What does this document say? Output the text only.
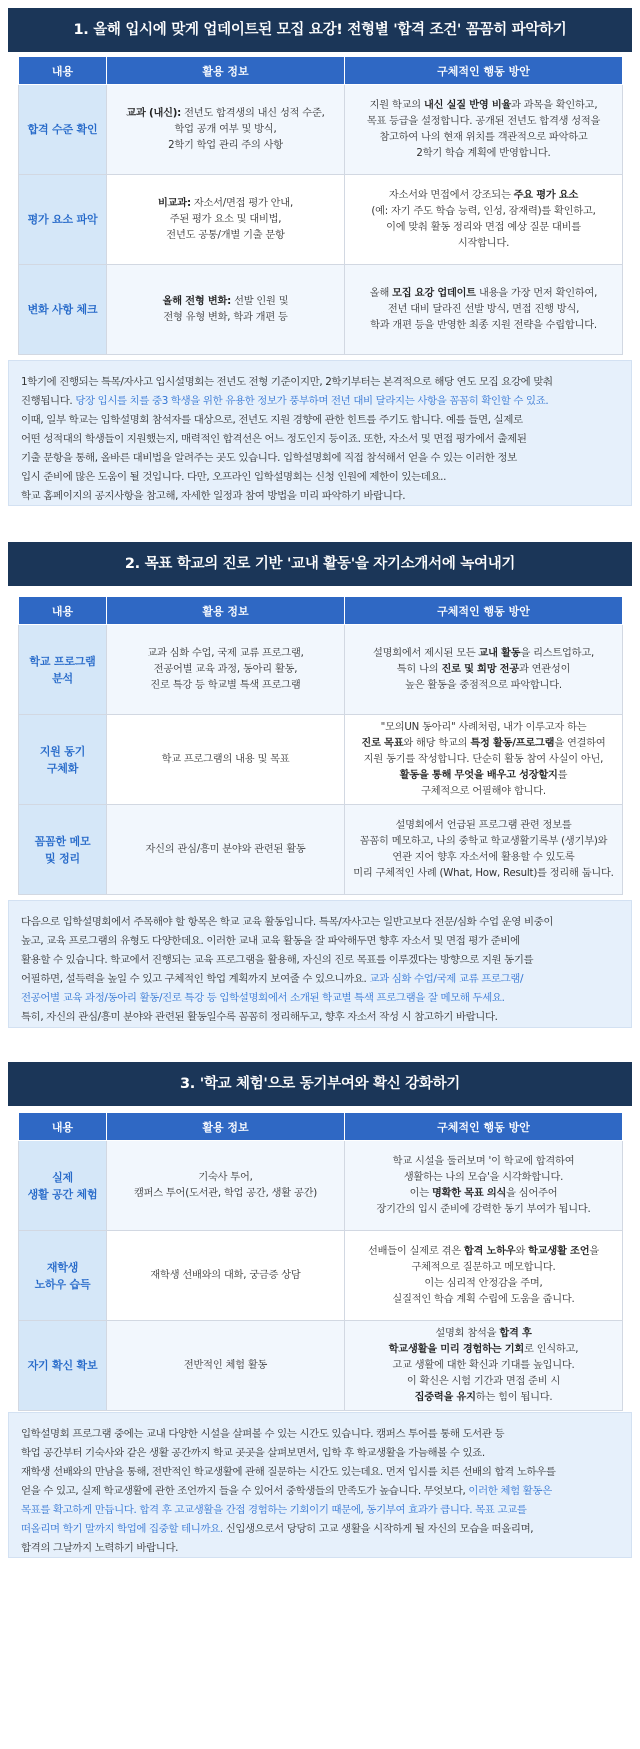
1. 올해 입시에 맞게 업데이트된 모집 요강! 전형별 '합격 조건' 꼼꼼히 파악하기
내용	활용 정보	구체적인 행동 방안

합격 수준 확인	교과 (내신): 전년도 합격생의 내신 성적 수준,
학업 공개 여부 및 방식,
2학기 학업 관리 주의 사항	지원 학교의 내신 실질 반영 비율과 과목을 확인하고,
목표 등급을 설정합니다. 공개된 전년도 합격생 성적을
참고하여 나의 현재 위치를 객관적으로 파악하고
2학기 학습 계획에 반영합니다.

평가 요소 파악	비교과: 자소서/면접 평가 안내,
주된 평가 요소 및 대비법,
전년도 공통/개별 기출 문항	자소서와 면접에서 강조되는 주요 평가 요소
(예: 자기 주도 학습 능력, 인성, 잠재력)를 확인하고,
이에 맞춰 활동 정리와 면접 예상 질문 대비를
시작합니다.

변화 사항 체크	올해 전형 변화: 선발 인원 및
전형 유형 변화, 학과 개편 등	올해 모집 요강 업데이트 내용을 가장 먼저 확인하여,
전년 대비 달라진 선발 방식, 면접 진행 방식,
학과 개편 등을 반영한 최종 지원 전략을 수립합니다.
1학기에 진행되는 특목/자사고 입시설명회는 전년도 전형 기준이지만, 2학기부터는 본격적으로 해당 연도 모집 요강에 맞춰
진행됩니다. 당장 입시를 치를 중3 학생을 위한 유용한 정보가 풍부하며 전년 대비 달라지는 사항을 꼼꼼히 확인할 수 있죠.
이때, 일부 학교는 입학설명회 참석자를 대상으로, 전년도 지원 경향에 관한 힌트를 주기도 합니다. 예를 들면, 실제로
어떤 성적대의 학생들이 지원했는지, 매력적인 합격선은 어느 정도인지 등이죠. 또한, 자소서 및 면접 평가에서 출제된
기출 문항을 통해, 올바른 대비법을 알려주는 곳도 있습니다. 입학설명회에 직접 참석해서 얻을 수 있는 이러한 정보
입시 준비에 많은 도움이 될 것입니다. 다만, 오프라인 입학설명회는 신청 인원에 제한이 있는데요..
학교 홈페이지의 공지사항을 참고해, 자세한 일정과 참여 방법을 미리 파악하기 바랍니다.
2. 목표 학교의 진로 기반 '교내 활동'을 자기소개서에 녹여내기
내용	활용 정보	구체적인 행동 방안

학교 프로그램
분석	교과 심화 수업, 국제 교류 프로그램,
전공어별 교육 과정, 동아리 활동,
진로 특강 등 학교별 특색 프로그램	설명회에서 제시된 모든 교내 활동을 리스트업하고,
특히 나의 진로 및 희망 전공과 연관성이
높은 활동을 중점적으로 파악합니다.

지원 동기
구체화	학교 프로그램의 내용 및 목표	"모의UN 동아리" 사례처럼, 내가 이루고자 하는
진로 목표와 해당 학교의 특정 활동/프로그램을 연결하여
지원 동기를 작성합니다. 단순히 활동 참여 사실이 아닌,
활동을 통해 무엇을 배우고 성장할지를
구체적으로 어필해야 합니다.

꼼꼼한 메모
및 정리	자신의 관심/흥미 분야와 관련된 활동	설명회에서 언급된 프로그램 관련 정보를
꼼꼼히 메모하고, 나의 중학교 학교생활기록부 (생기부)와
연관 지어 향후 자소서에 활용할 수 있도록
미리 구체적인 사례 (What, How, Result)를 정리해 둡니다.
다음으로 입학설명회에서 주목해야 할 항목은 학교 교육 활동입니다. 특목/자사고는 일반고보다 전문/심화 수업 운영 비중이
높고, 교육 프로그램의 유형도 다양한데요. 이러한 교내 교육 활동을 잘 파악해두면 향후 자소서 및 면접 평가 준비에
활용할 수 있습니다. 학교에서 진행되는 교육 프로그램을 활용해, 자신의 진로 목표를 이루겠다는 방향으로 지원 동기를
어필하면, 설득력을 높일 수 있고 구체적인 학업 계획까지 보여줄 수 있으니까요. 교과 심화 수업/국제 교류 프로그램/
전공어별 교육 과정/동아리 활동/진로 특강 등 입학설명회에서 소개된 학교별 특색 프로그램을 잘 메모해 두세요.
특히, 자신의 관심/흥미 분야와 관련된 활동일수록 꼼꼼히 정리해두고, 향후 자소서 작성 시 참고하기 바랍니다.
3. '학교 체험'으로 동기부여와 확신 강화하기
내용	활용 정보	구체적인 행동 방안

실제
생활 공간 체험	기숙사 투어,
캠퍼스 투어(도서관, 학업 공간, 생활 공간)	학교 시설을 둘러보며 '이 학교에 합격하여
생활하는 나의 모습'을 시각화합니다.
이는 명확한 목표 의식을 심어주어
장기간의 입시 준비에 강력한 동기 부여가 됩니다.

재학생
노하우 습득	재학생 선배와의 대화, 궁금증 상담	선배들이 실제로 겪은 합격 노하우와 학교생활 조언을
구체적으로 질문하고 메모합니다.
이는 심리적 안정감을 주며,
실질적인 학습 계획 수립에 도움을 줍니다.

자기 확신 확보	전반적인 체험 활동	설명회 참석을 합격 후
학교생활을 미리 경험하는 기회로 인식하고,
고교 생활에 대한 확신과 기대를 높입니다.
이 확신은 시험 기간과 면접 준비 시
집중력을 유지하는 힘이 됩니다.
입학설명회 프로그램 중에는 교내 다양한 시설을 살펴볼 수 있는 시간도 있습니다. 캠퍼스 투어를 통해 도서관 등
학업 공간부터 기숙사와 같은 생활 공간까지 학교 곳곳을 살펴보면서, 입학 후 학교생활을 가늠해볼 수 있죠.
재학생 선배와의 만남을 통해, 전반적인 학교생활에 관해 질문하는 시간도 있는데요. 먼저 입시를 치른 선배의 합격 노하우를
얻을 수 있고, 실제 학교생활에 관한 조언까지 들을 수 있어서 중학생들의 만족도가 높습니다. 무엇보다, 이러한 체험 활동은
목표를 확고하게 만듭니다. 합격 후 고교생활을 간접 경험하는 기회이기 때문에, 동기부여 효과가 큽니다. 목표 고교를
떠올리며 학기 말까지 학업에 집중할 테니까요. 신입생으로서 당당히 고교 생활을 시작하게 될 자신의 모습을 떠올리며,
합격의 그날까지 노력하기 바랍니다.
